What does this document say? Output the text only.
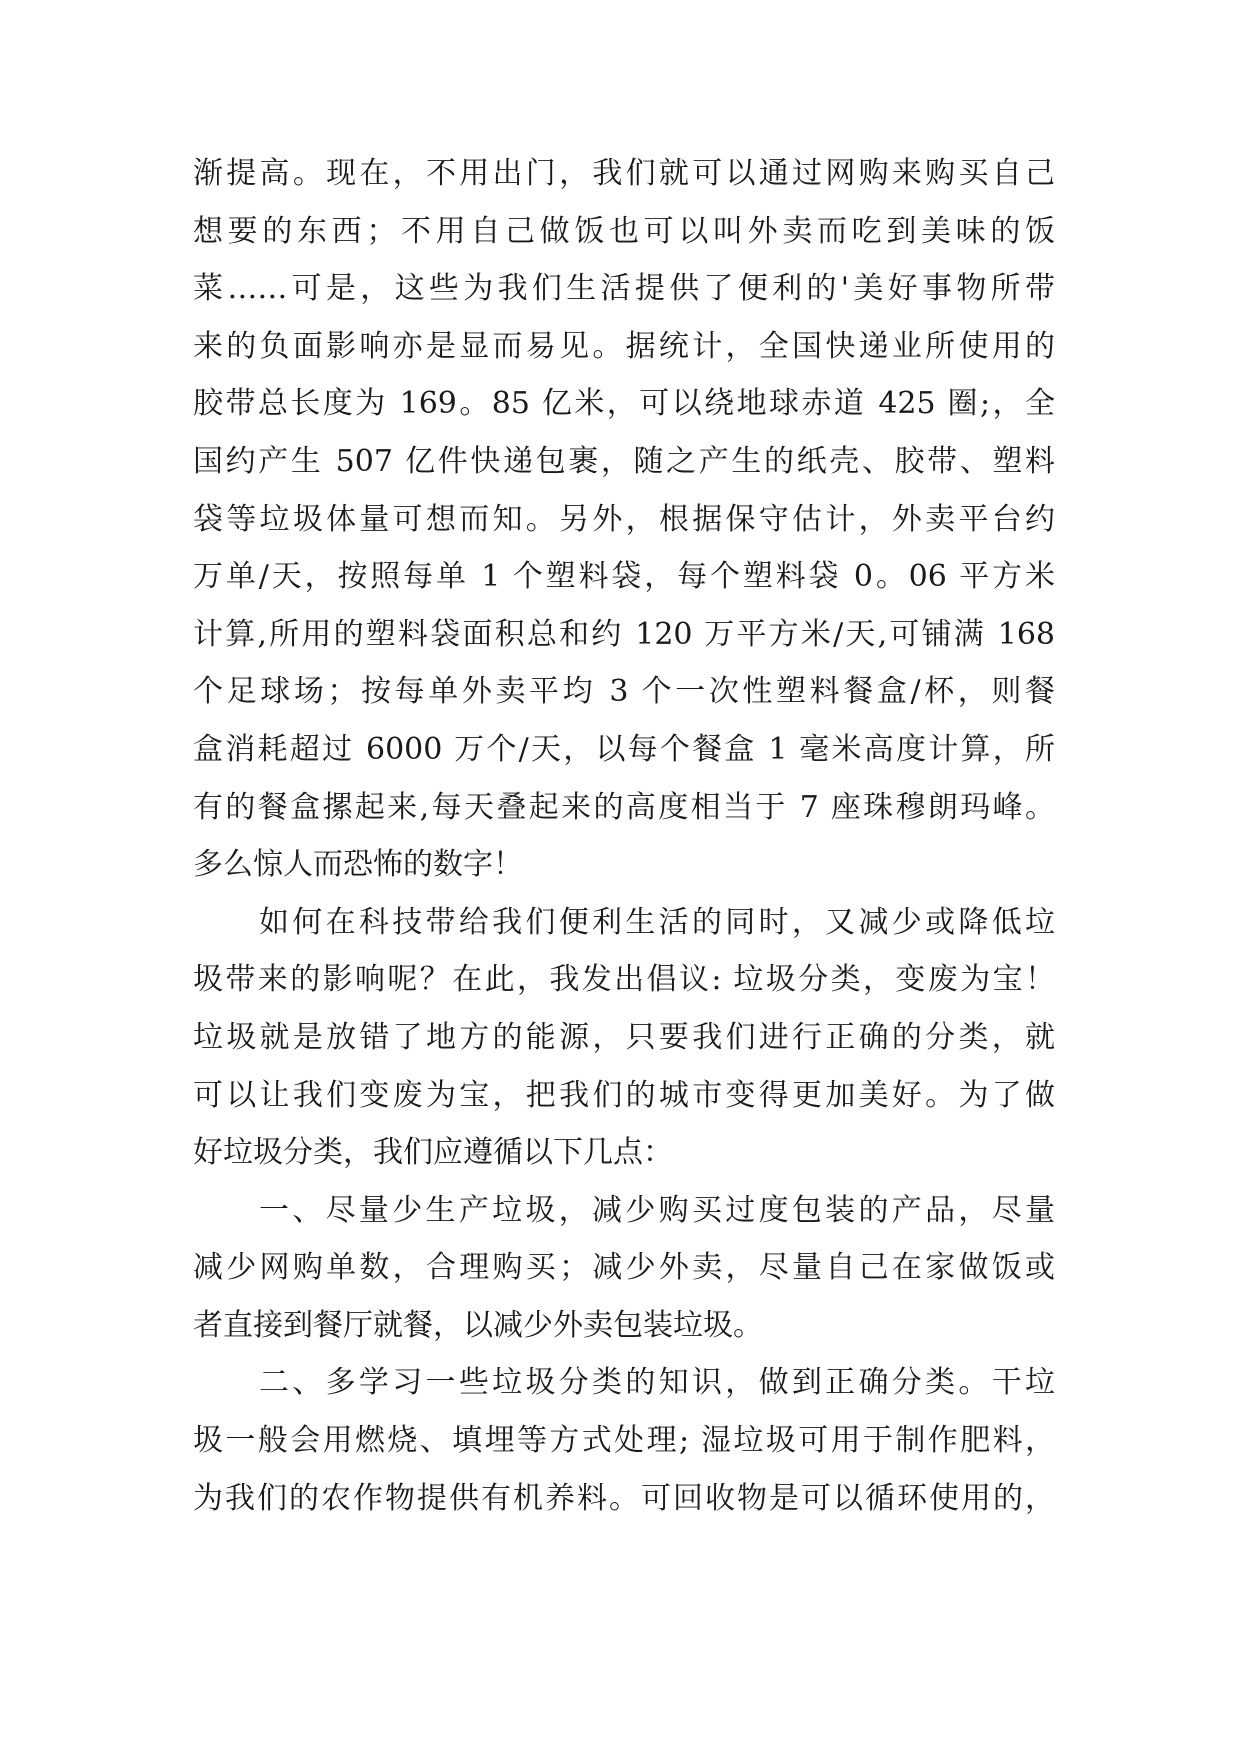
渐提高。现在，不用出门，我们就可以通过网购来购买自己
想要的东西；不用自己做饭也可以叫外卖而吃到美味的饭
菜……可是，这些为我们生活提供了便利的'美好事物所带
来的负面影响亦是显而易见。据统计，全国快递业所使用的
胶带总长度为 169。85 亿米，可以绕地球赤道 425 圈;，全
国约产生 507 亿件快递包裹，随之产生的纸壳、胶带、塑料
袋等垃圾体量可想而知。另外，根据保守估计，外卖平台约
万单/天，按照每单 1 个塑料袋，每个塑料袋 0。06 平方米
计算,所用的塑料袋面积总和约 120 万平方米/天,可铺满 168
个足球场；按每单外卖平均 3 个一次性塑料餐盒/杯，则餐
盒消耗超过 6000 万个/天，以每个餐盒 1 毫米高度计算，所
有的餐盒摞起来,每天叠起来的高度相当于 7 座珠穆朗玛峰。
多么惊人而恐怖的数字！
如何在科技带给我们便利生活的同时，又减少或降低垃
圾带来的影响呢？在此，我发出倡议: 垃圾分类，变废为宝！
垃圾就是放错了地方的能源，只要我们进行正确的分类，就
可以让我们变废为宝，把我们的城市变得更加美好。为了做
好垃圾分类，我们应遵循以下几点：
一、尽量少生产垃圾，减少购买过度包装的产品，尽量
减少网购单数，合理购买；减少外卖，尽量自己在家做饭或
者直接到餐厅就餐，以减少外卖包装垃圾。
二、多学习一些垃圾分类的知识，做到正确分类。干垃
圾一般会用燃烧、填埋等方式处理; 湿垃圾可用于制作肥料，
为我们的农作物提供有机养料。可回收物是可以循环使用的，
